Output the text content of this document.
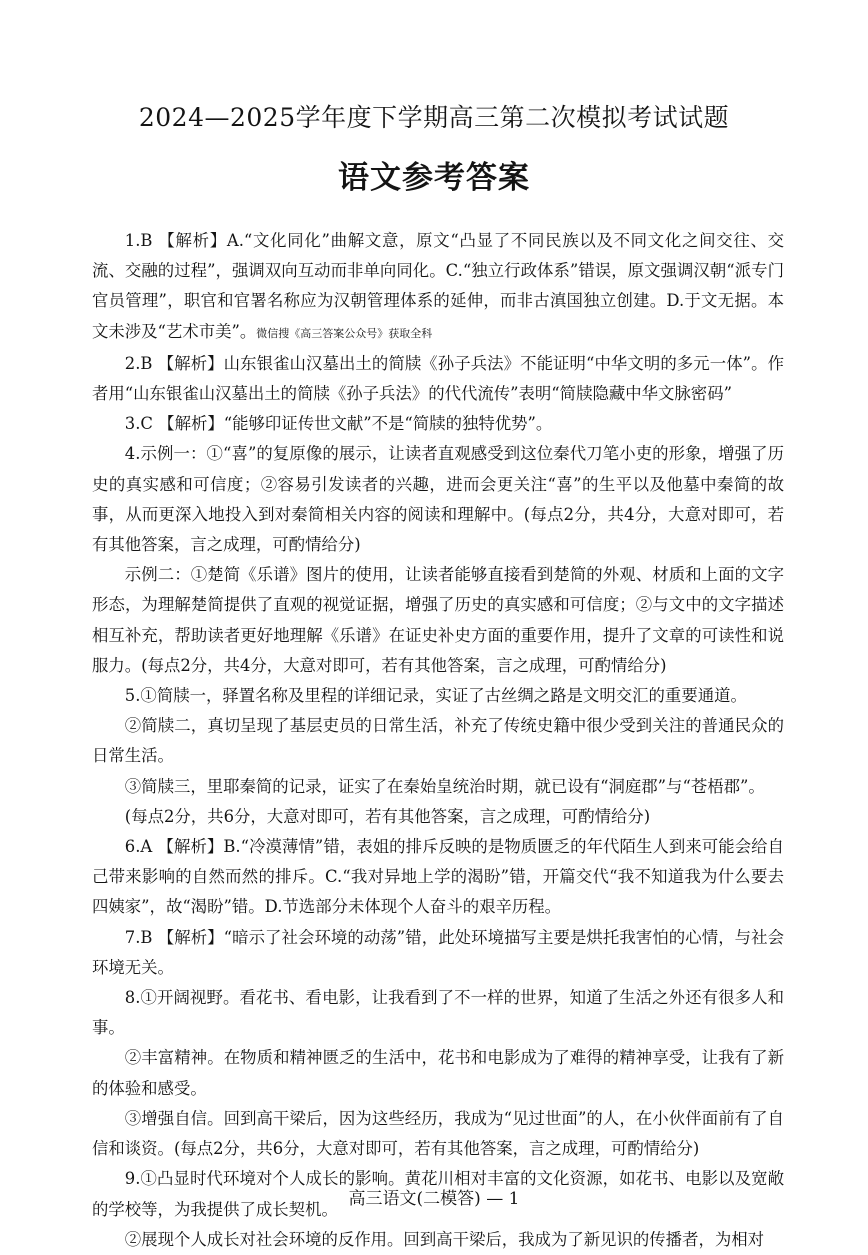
2024—2025学年度下学期高三第二次模拟考试试题
语文参考答案

1.B 【解析】A.“文化同化”曲解文意，原文“凸显了不同民族以及不同文化之间交往、交流、交融的过程”，强调双向互动而非单向同化。C.“独立行政体系”错误，原文强调汉朝“派专门官员管理”，职官和官署名称应为汉朝管理体系的延伸，而非古滇国独立创建。D.于文无据。本文未涉及“艺术市美”。微信搜《高三答案公众号》获取全科

2.B 【解析】山东银雀山汉墓出土的简牍《孙子兵法》不能证明“中华文明的多元一体”。作者用“山东银雀山汉墓出土的简牍《孙子兵法》的代代流传”表明“简牍隐藏中华文脉密码”

3.C 【解析】“能够印证传世文献”不是“简牍的独特优势”。

4.示例一：①“喜”的复原像的展示，让读者直观感受到这位秦代刀笔小吏的形象，增强了历史的真实感和可信度；②容易引发读者的兴趣，进而会更关注“喜”的生平以及他墓中秦简的故事，从而更深入地投入到对秦简相关内容的阅读和理解中。(每点2分，共4分，大意对即可，若有其他答案，言之成理，可酌情给分)

示例二：①楚简《乐谱》图片的使用，让读者能够直接看到楚简的外观、材质和上面的文字形态，为理解楚简提供了直观的视觉证据，增强了历史的真实感和可信度；②与文中的文字描述相互补充，帮助读者更好地理解《乐谱》在证史补史方面的重要作用，提升了文章的可读性和说服力。(每点2分，共4分，大意对即可，若有其他答案，言之成理，可酌情给分)

5.①简牍一，驿置名称及里程的详细记录，实证了古丝绸之路是文明交汇的重要通道。

②简牍二，真切呈现了基层吏员的日常生活，补充了传统史籍中很少受到关注的普通民众的日常生活。

③简牍三，里耶秦简的记录，证实了在秦始皇统治时期，就已设有“洞庭郡”与“苍梧郡”。

(每点2分，共6分，大意对即可，若有其他答案，言之成理，可酌情给分)

6.A 【解析】B.“冷漠薄情”错，表姐的排斥反映的是物质匮乏的年代陌生人到来可能会给自己带来影响的自然而然的排斥。C.“我对异地上学的渴盼”错，开篇交代“我不知道我为什么要去四姨家”，故“渴盼”错。D.节选部分未体现个人奋斗的艰辛历程。

7.B 【解析】“暗示了社会环境的动荡”错，此处环境描写主要是烘托我害怕的心情，与社会环境无关。

8.①开阔视野。看花书、看电影，让我看到了不一样的世界，知道了生活之外还有很多人和事。

②丰富精神。在物质和精神匮乏的生活中，花书和电影成为了难得的精神享受，让我有了新的体验和感受。

③增强自信。回到高干梁后，因为这些经历，我成为“见过世面”的人，在小伙伴面前有了自信和谈资。(每点2分，共6分，大意对即可，若有其他答案，言之成理，可酌情给分)

9.①凸显时代环境对个人成长的影响。黄花川相对丰富的文化资源，如花书、电影以及宽敞的学校等，为我提供了成长契机。

②展现个人成长对社会环境的反作用。回到高干梁后，我成为了新见识的传播者，为相对

高三语文(二模答) — 1
